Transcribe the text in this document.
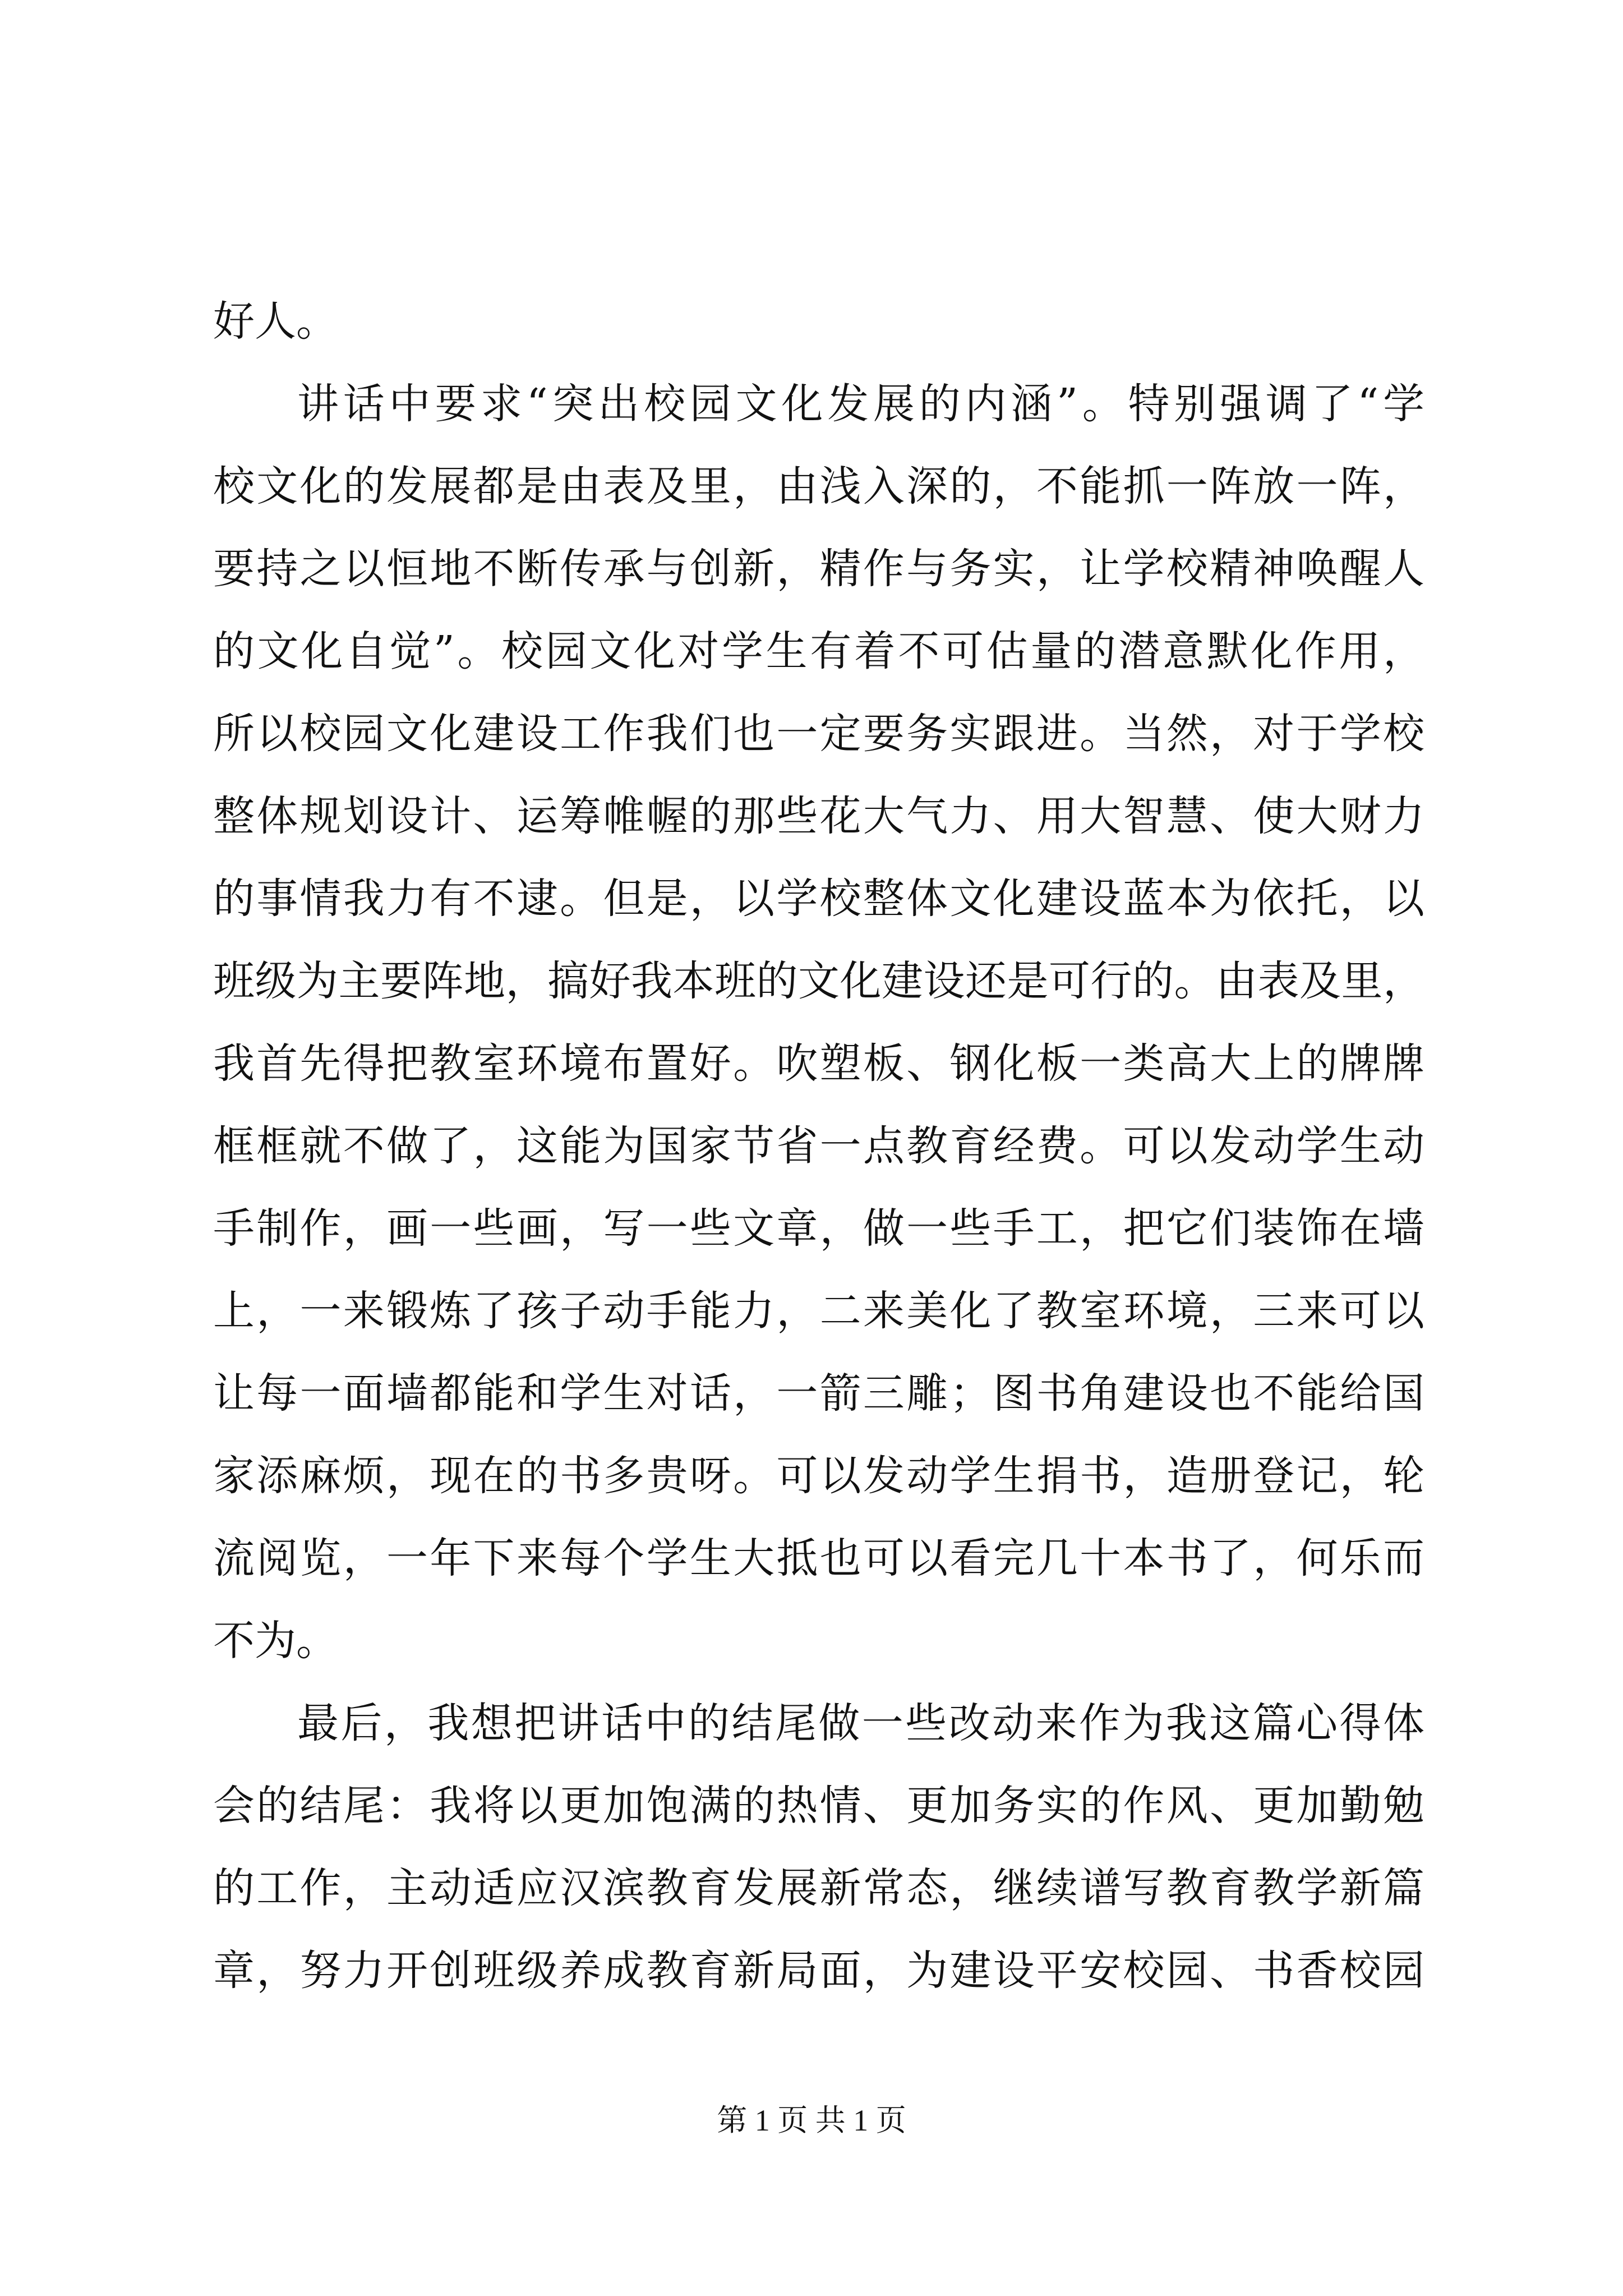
好人。
讲话中要求“突出校园文化发展的内涵”。特别强调了“学
校文化的发展都是由表及里，由浅入深的，不能抓一阵放一阵，
要持之以恒地不断传承与创新，精作与务实，让学校精神唤醒人
的文化自觉”。校园文化对学生有着不可估量的潜意默化作用，
所以校园文化建设工作我们也一定要务实跟进。当然，对于学校
整体规划设计、运筹帷幄的那些花大气力、用大智慧、使大财力
的事情我力有不逮。但是，以学校整体文化建设蓝本为依托，以
班级为主要阵地，搞好我本班的文化建设还是可行的。由表及里，
我首先得把教室环境布置好。吹塑板、钢化板一类高大上的牌牌
框框就不做了，这能为国家节省一点教育经费。可以发动学生动
手制作，画一些画，写一些文章，做一些手工，把它们装饰在墙
上，一来锻炼了孩子动手能力，二来美化了教室环境，三来可以
让每一面墙都能和学生对话，一箭三雕；图书角建设也不能给国
家添麻烦，现在的书多贵呀。可以发动学生捐书，造册登记，轮
流阅览，一年下来每个学生大抵也可以看完几十本书了，何乐而
不为。
最后，我想把讲话中的结尾做一些改动来作为我这篇心得体
会的结尾：我将以更加饱满的热情、更加务实的作风、更加勤勉
的工作，主动适应汉滨教育发展新常态，继续谱写教育教学新篇
章，努力开创班级养成教育新局面，为建设平安校园、书香校园
第 1 页 共 1 页
